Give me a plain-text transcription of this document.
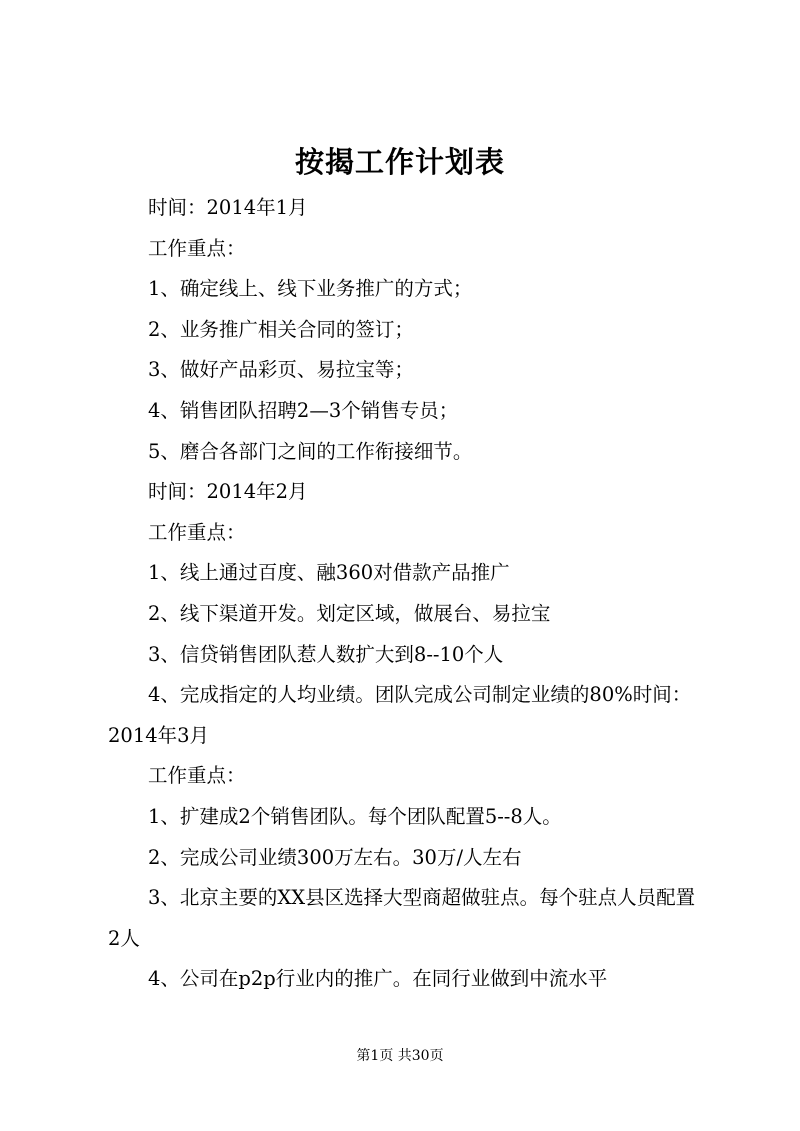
按揭工作计划表

时间：2014年1月

工作重点：

1、确定线上、线下业务推广的方式；

2、业务推广相关合同的签订；

3、做好产品彩页、易拉宝等；

4、销售团队招聘2—3个销售专员；

5、磨合各部门之间的工作衔接细节。

时间：2014年2月

工作重点：

1、线上通过百度、融360对借款产品推广

2、线下渠道开发。划定区域，做展台、易拉宝

3、信贷销售团队惹人数扩大到8--10个人

4、完成指定的人均业绩。团队完成公司制定业绩的80%时间：2014年3月

工作重点：

1、扩建成2个销售团队。每个团队配置5--8人。

2、完成公司业绩300万左右。30万/人左右

3、北京主要的XX县区选择大型商超做驻点。每个驻点人员配置2人

4、公司在p2p行业内的推广。在同行业做到中流水平

第1页 共30页
